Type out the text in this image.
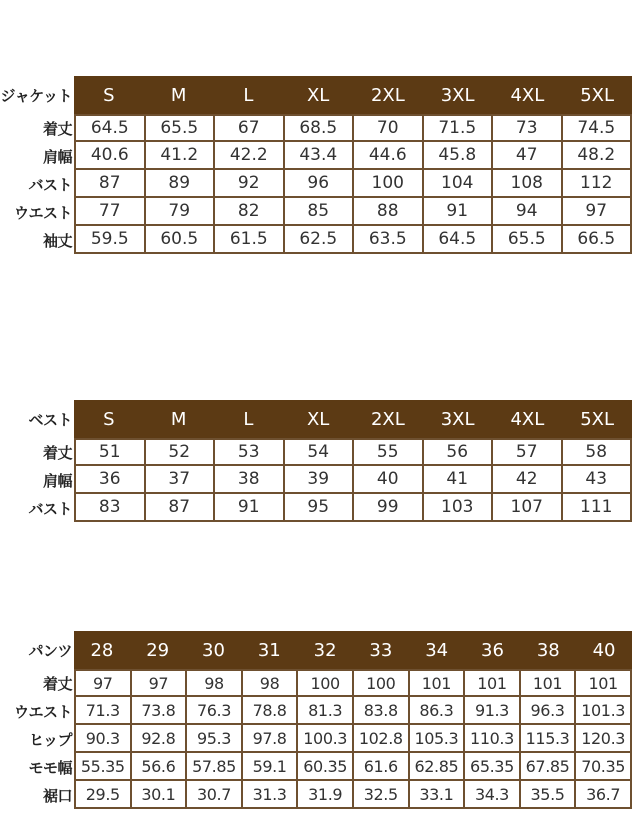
ジャケット	S	M	L	XL	2XL	3XL	4XL	5XL
着丈	64.5	65.5	67	68.5	70	71.5	73	74.5
肩幅	40.6	41.2	42.2	43.4	44.6	45.8	47	48.2
バスト	87	89	92	96	100	104	108	112
ウエスト	77	79	82	85	88	91	94	97
袖丈	59.5	60.5	61.5	62.5	63.5	64.5	65.5	66.5
ベスト	S	M	L	XL	2XL	3XL	4XL	5XL
着丈	51	52	53	54	55	56	57	58
肩幅	36	37	38	39	40	41	42	43
バスト	83	87	91	95	99	103	107	111
パンツ	28	29	30	31	32	33	34	36	38	40
着丈	97	97	98	98	100	100	101	101	101	101
ウエスト 71.3	73.8	76.3	78.8	81.3	83.8	86.3	91.3	96.3	101.3
ヒップ 90.3	92.8	95.3	97.8	100.3 102.8 105.3 110.3 115.3 120.3
モモ幅 55.35	56.6	57.85	59.1	60.35	61.6	62.85 65.35 67.85 70.35
裾口 29.5	30.1	30.7	31.3	31.9	32.5	33.1	34.3	35.5	36.7
